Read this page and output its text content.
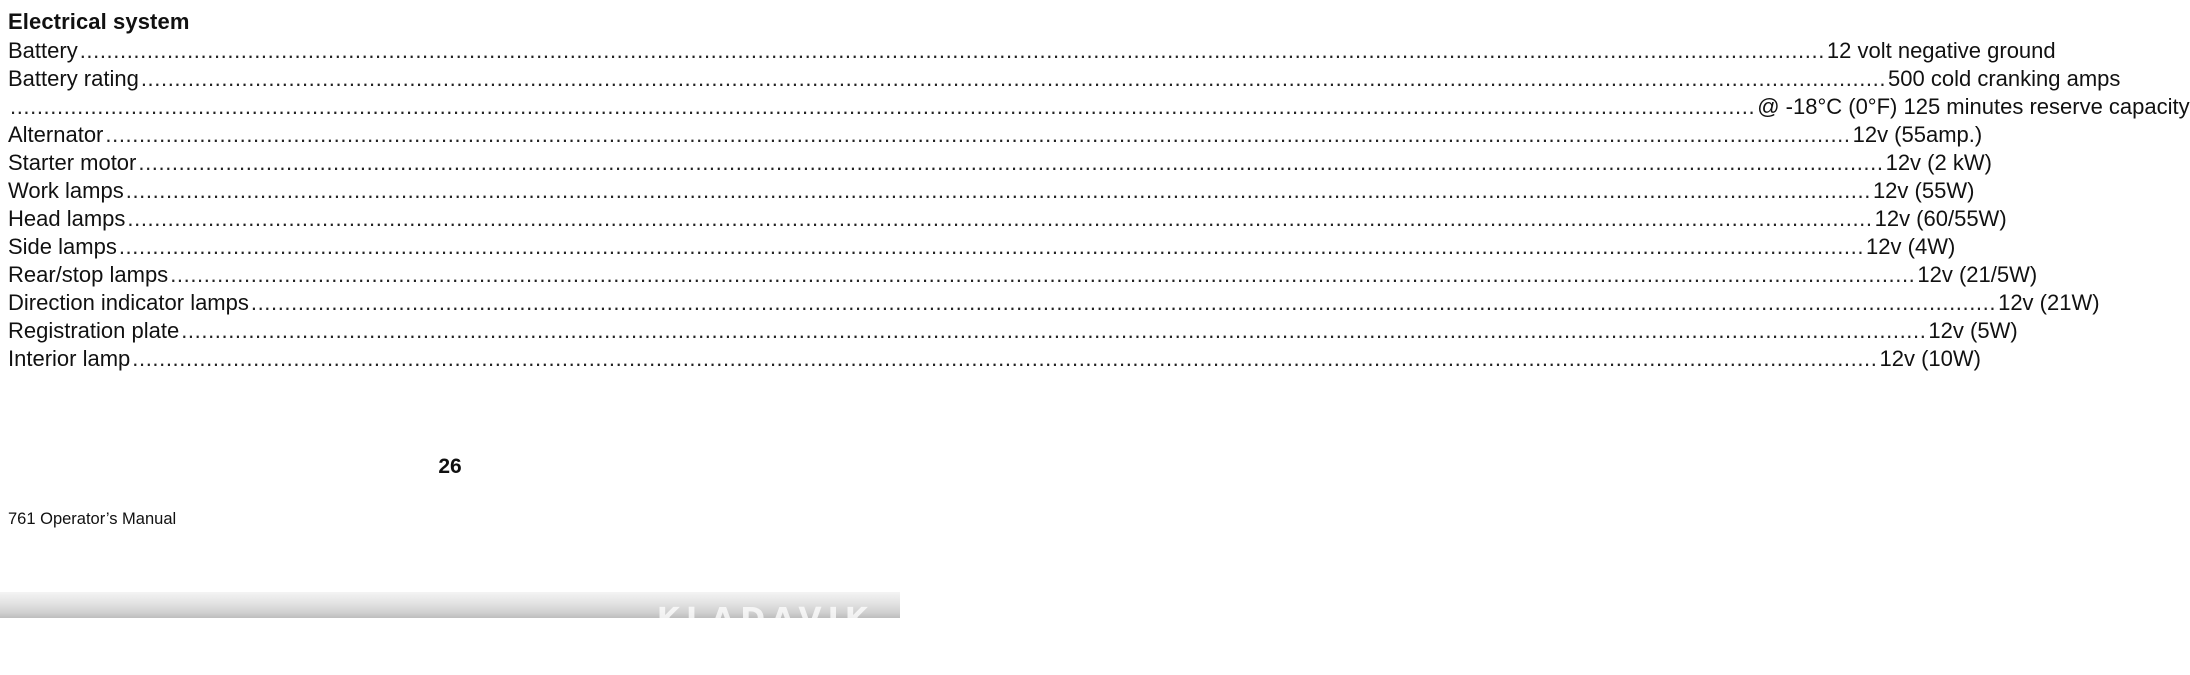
Electrical system
Battery .................................................................................................................................................................................................................................................................... 12 volt negative ground
Battery rating .................................................................................................................................................................................................................................................................... 500 cold cranking amps
.................................................................................................................................................................................................................................................................... @ -18°C (0°F) 125 minutes reserve capacity
Alternator .................................................................................................................................................................................................................................................................... 12v (55amp.)
Starter motor .................................................................................................................................................................................................................................................................... 12v (2 kW)
Work lamps .................................................................................................................................................................................................................................................................... 12v (55W)
Head lamps .................................................................................................................................................................................................................................................................... 12v (60/55W)
Side lamps .................................................................................................................................................................................................................................................................... 12v (4W)
Rear/stop lamps .................................................................................................................................................................................................................................................................... 12v (21/5W)
Direction indicator lamps .................................................................................................................................................................................................................................................................... 12v (21W)
Registration plate .................................................................................................................................................................................................................................................................... 12v (5W)
Interior lamp .................................................................................................................................................................................................................................................................... 12v (10W)
26
761 Operator’s Manual
KLADAVIK
